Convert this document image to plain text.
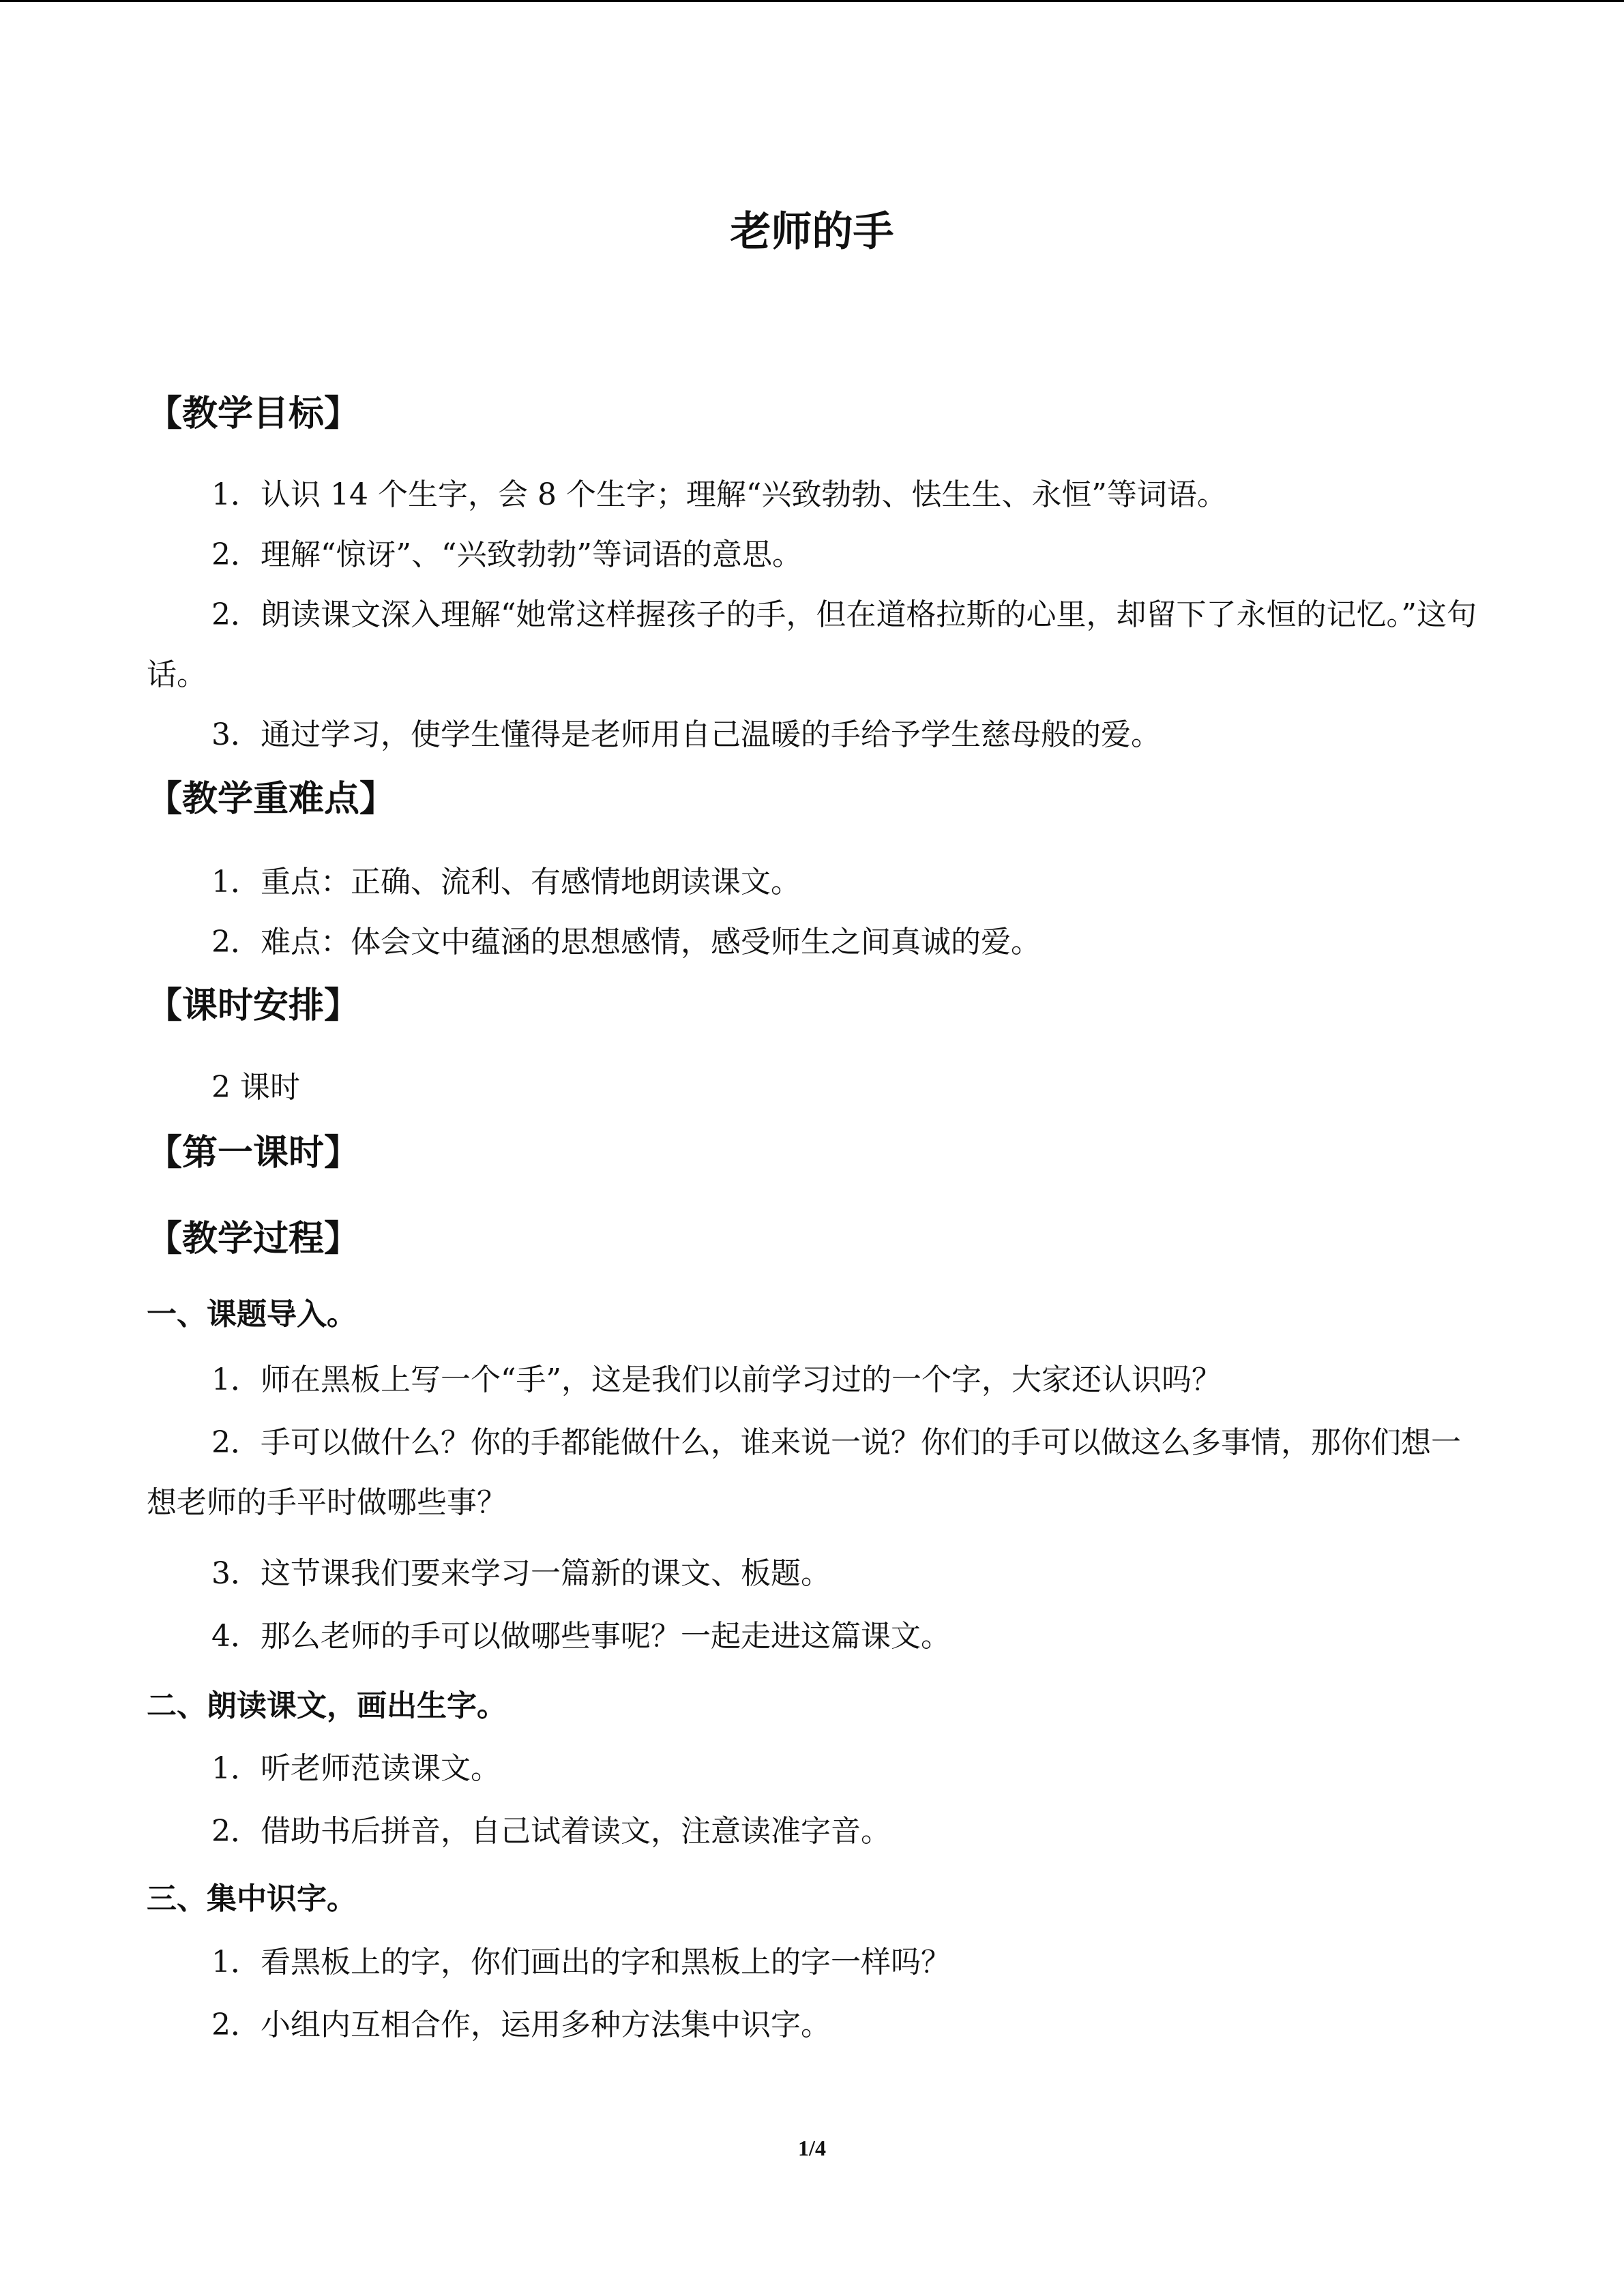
老师的手
【教学目标】
1．认识 14 个生字，会 8 个生字；理解“兴致勃勃、怯生生、永恒”等词语。
2．理解“惊讶”、“兴致勃勃”等词语的意思。
2．朗读课文深入理解“她常这样握孩子的手，但在道格拉斯的心里，却留下了永恒的记忆。”这句话。
3．通过学习，使学生懂得是老师用自己温暖的手给予学生慈母般的爱。
【教学重难点】
1．重点：正确、流利、有感情地朗读课文。
2．难点：体会文中蕴涵的思想感情，感受师生之间真诚的爱。
【课时安排】
2 课时
【第一课时】
【教学过程】
一、课题导入。
1．师在黑板上写一个“手”，这是我们以前学习过的一个字，大家还认识吗？
2．手可以做什么？你的手都能做什么，谁来说一说？你们的手可以做这么多事情，那你们想一想老师的手平时做哪些事？
3．这节课我们要来学习一篇新的课文、板题。
4．那么老师的手可以做哪些事呢？一起走进这篇课文。
二、朗读课文，画出生字。
1．听老师范读课文。
2．借助书后拼音，自己试着读文，注意读准字音。
三、集中识字。
1．看黑板上的字，你们画出的字和黑板上的字一样吗？
2．小组内互相合作，运用多种方法集中识字。
1/4
